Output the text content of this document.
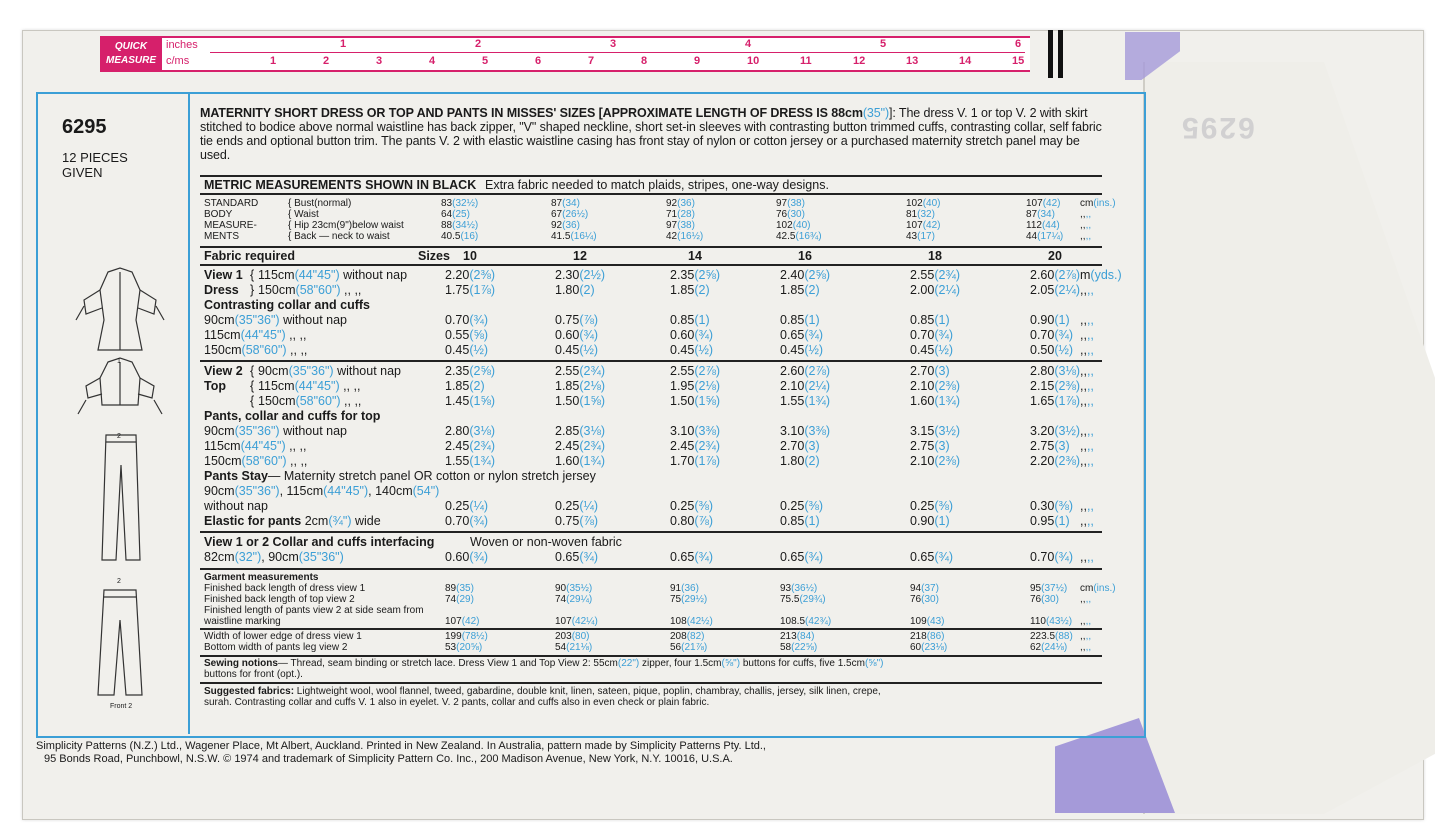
6295
QUICK
MEASURE
inches
c/ms
1	2	3	4	5	6
1	2	3	4	5	6	7	8	9	10	11	12	13	14	15
6295
12 PIECES GIVEN
1
2
2
Front 2
MATERNITY SHORT DRESS OR TOP AND PANTS IN MISSES' SIZES [APPROXIMATE LENGTH OF DRESS IS 88cm(35")]: The dress V. 1 or top V. 2 with skirt stitched to bodice above normal waistline has back zipper, "V" shaped neckline, short set-in sleeves with contrasting button trimmed cuffs, contrasting collar, self fabric tie ends and optional button trim. The pants V. 2 with elastic waistline casing has front stay of nylon or cotton jersey or a purchased maternity stretch panel may be used.
METRIC MEASUREMENTS SHOWN IN BLACK Extra fabric needed to match plaids, stripes, one-way designs.
STANDARD
BODY
MEASURE-
MENTS
{ Bust(normal)	83(32½)	87(34)	92(36)	97(38)	102(40)	107(42) cm(ins.)
{ Waist	64(25)	67(26½)	71(28)	76(30)	81(32)	87(34)	,,,,
{ Hip 23cm(9")below waist	88(34½)	92(36)	97(38)	102(40)	107(42)	112(44) ,,,,
{ Back — neck to waist	40.5(16)	41.5(16¼)	42(16½)	42.5(16¾)	43(17)	44(17¼) ,,,,
Fabric required	Sizes 10	12	14	16	18	20
View 1 { 115cm(44"45") without nap	2.20(2⅜)	2.30(2½)	2.35(2⅝)	2.40(2⅝)	2.55(2¾)	2.60(2⅞) m(yds.)
Dress } 150cm(58"60") ,, ,,	1.75(1⅞)	1.80(2)	1.85(2)	1.85(2)	2.00(2¼)	2.05(2¼) ,,,,
Contrasting collar and cuffs
90cm(35"36") without nap	0.70(¾)	0.75(⅞)	0.85(1)	0.85(1)	0.85(1)	0.90(1) ,,,,
115cm(44"45") ,, ,,	0.55(⅝)	0.60(¾)	0.60(¾)	0.65(¾)	0.70(¾)	0.70(¾) ,,,,
150cm(58"60") ,, ,,	0.45(½)	0.45(½)	0.45(½)	0.45(½)	0.45(½)	0.50(½) ,,,,
View 2 { 90cm(35"36") without nap	2.35(2⅝)	2.55(2¾)	2.55(2⅞)	2.60(2⅞)	2.70(3)	2.80(3⅛) ,,,,
Top { 115cm(44"45") ,, ,,	1.85(2)	1.85(2⅛)	1.95(2⅛)	2.10(2¼)	2.10(2⅜)	2.15(2⅜) ,,,,
{ 150cm(58"60") ,, ,,	1.45(1⅝)	1.50(1⅝)	1.50(1⅝)	1.55(1¾)	1.60(1¾)	1.65(1⅞) ,,,,
Pants, collar and cuffs for top
90cm(35"36") without nap	2.80(3⅛)	2.85(3⅛)	3.10(3⅜)	3.10(3⅜)	3.15(3½)	3.20(3½) ,,,,
115cm(44"45") ,, ,,	2.45(2¾)	2.45(2¾)	2.45(2¾)	2.70(3)	2.75(3)	2.75(3) ,,,,
150cm(58"60") ,, ,,	1.55(1¾)	1.60(1¾)	1.70(1⅞)	1.80(2)	2.10(2⅜)	2.20(2⅜) ,,,,
Pants Stay— Maternity stretch panel OR cotton or nylon stretch jersey
90cm(35"36"), 115cm(44"45"), 140cm(54")
without nap	0.25(¼)	0.25(¼)	0.25(⅜)	0.25(⅜)	0.25(⅜)	0.30(⅜) ,,,,
Elastic for pants 2cm(¾") wide	0.70(¾)	0.75(⅞)	0.80(⅞)	0.85(1)	0.90(1)	0.95(1) ,,,,
View 1 or 2 Collar and cuffs interfacing	Woven or non-woven fabric
82cm(32"), 90cm(35"36")	0.60(¾)	0.65(¾)	0.65(¾)	0.65(¾)	0.65(¾)	0.70(¾) ,,,,
Garment measurements
Finished back length of dress view 1	89(35)	90(35½)	91(36)	93(36½)	94(37)	95(37½) cm(ins.)
Finished back length of top view 2	74(29)	74(29¼)	75(29½)	75.5(29¾)	76(30)	76(30) ,,,,
Finished length of pants view 2 at side seam from
waistline marking	107(42)	107(42¼)	108(42½)	108.5(42¾)	109(43)	110(43½) ,,,,
Width of lower edge of dress view 1	199(78½)	203(80)	208(82)	213(84)	218(86)	223.5(88) ,,,,
Bottom width of pants leg view 2	53(20⅝)	54(21⅛)	56(21⅞)	58(22⅝)	60(23⅛)	62(24⅛) ,,,,
Sewing notions— Thread, seam binding or stretch lace. Dress View 1 and Top View 2: 55cm(22") zipper, four 1.5cm(⅝") buttons for cuffs, five 1.5cm(⅝")
buttons for front (opt.).
Suggested fabrics: Lightweight wool, wool flannel, tweed, gabardine, double knit, linen, sateen, pique, poplin, chambray, challis, jersey, silk linen, crepe,
surah. Contrasting collar and cuffs V. 1 also in eyelet. V. 2 pants, collar and cuffs also in even check or plain fabric.
Simplicity Patterns (N.Z.) Ltd., Wagener Place, Mt Albert, Auckland. Printed in New Zealand. In Australia, pattern made by Simplicity Patterns Pty. Ltd.,
95 Bonds Road, Punchbowl, N.S.W. © 1974 and trademark of Simplicity Pattern Co. Inc., 200 Madison Avenue, New York, N.Y. 10016, U.S.A.
